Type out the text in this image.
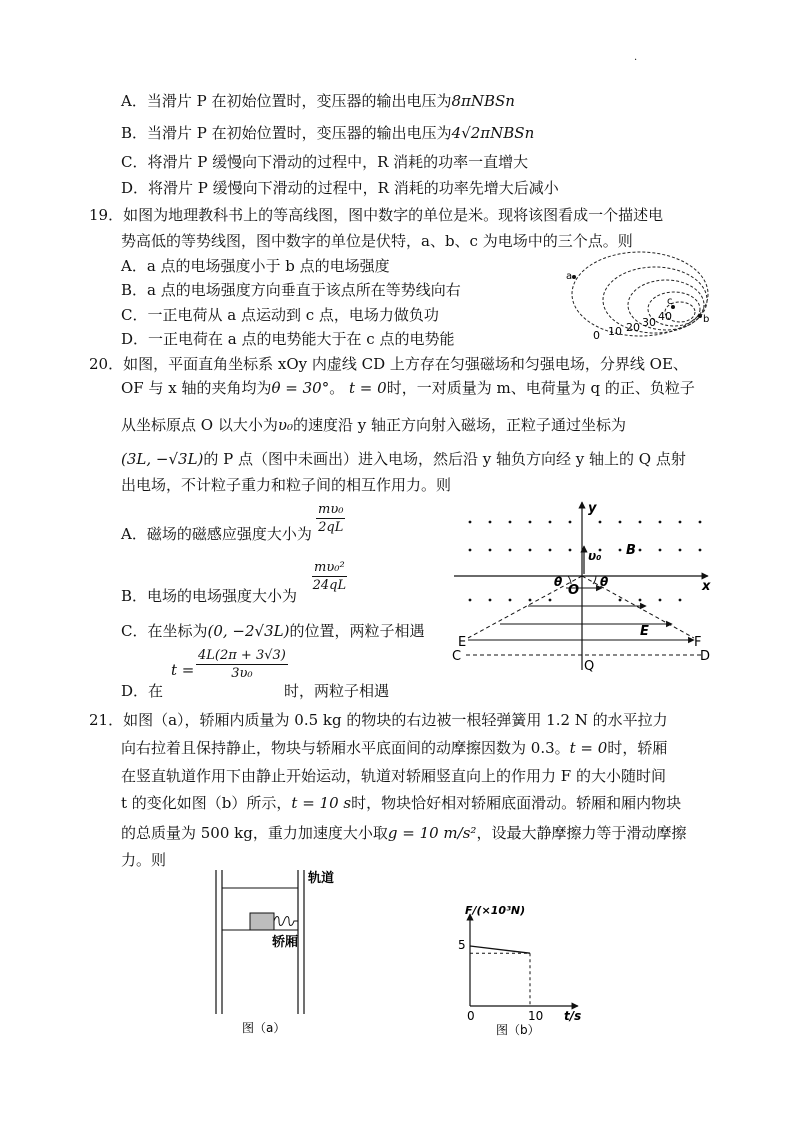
.
A．当滑片 P 在初始位置时，变压器的输出电压为8πNBSn
B．当滑片 P 在初始位置时，变压器的输出电压为4√2πNBSn
C．将滑片 P 缓慢向下滑动的过程中，R 消耗的功率一直增大
D．将滑片 P 缓慢向下滑动的过程中，R 消耗的功率先增大后减小
19．如图为地理教科书上的等高线图，图中数字的单位是米。现将该图看成一个描述电
势高低的等势线图，图中数字的单位是伏特，a、b、c 为电场中的三个点。则
A．a 点的电场强度小于 b 点的电场强度
B．a 点的电场强度方向垂直于该点所在等势线向右
C．一正电荷从 a 点运动到 c 点，电场力做负功
D．一正电荷在 a 点的电势能大于在 c 点的电势能
a
c
b
0 10 20 30 40
20．如图，平面直角坐标系 xOy 内虚线 CD 上方存在匀强磁场和匀强电场，分界线 OE、
OF 与 x 轴的夹角均为θ = 30°。 t = 0时，一对质量为 m、电荷量为 q 的正、负粒子
从坐标原点 O 以大小为υ₀的速度沿 y 轴正方向射入磁场，正粒子通过坐标为
(3L, −√3L)的 P 点（图中未画出）进入电场，然后沿 y 轴负方向经 y 轴上的 Q 点射
出电场，不计粒子重力和粒子间的相互作用力。则
A．磁场的磁感应强度大小为 $\frac{\text{mυ₀}}{2qL}$
B．电场的电场强度大小为
$\frac{\text{mυ₀²}}{24qL}$
C．在坐标为(0, −2√3L)的位置，两粒子相遇
$t = \frac{4L(2\pi + 3√3)}{\text{3υ₀}}$
D．在	时，两粒子相遇
y
x
υ₀ B
O
θ	θ
E
E	F
C	D
Q
21．如图（a），轿厢内质量为 0.5 kg 的物块的右边被一根轻弹簧用 1.2 N 的水平拉力
向右拉着且保持静止，物块与轿厢水平底面间的动摩擦因数为 0.3。t = 0时，轿厢
在竖直轨道作用下由静止开始运动，轨道对轿厢竖直向上的作用力 F 的大小随时间
t 的变化如图（b）所示，t = 10 s时，物块恰好相对轿厢底面滑动。轿厢和厢内物块
的总质量为 500 kg，重力加速度大小取g = 10 m/s²，设最大静摩擦力等于滑动摩擦
力。则
轨道
轿厢
图（a）
F/(×10³N)
5
0	10 t/s
图（b）
